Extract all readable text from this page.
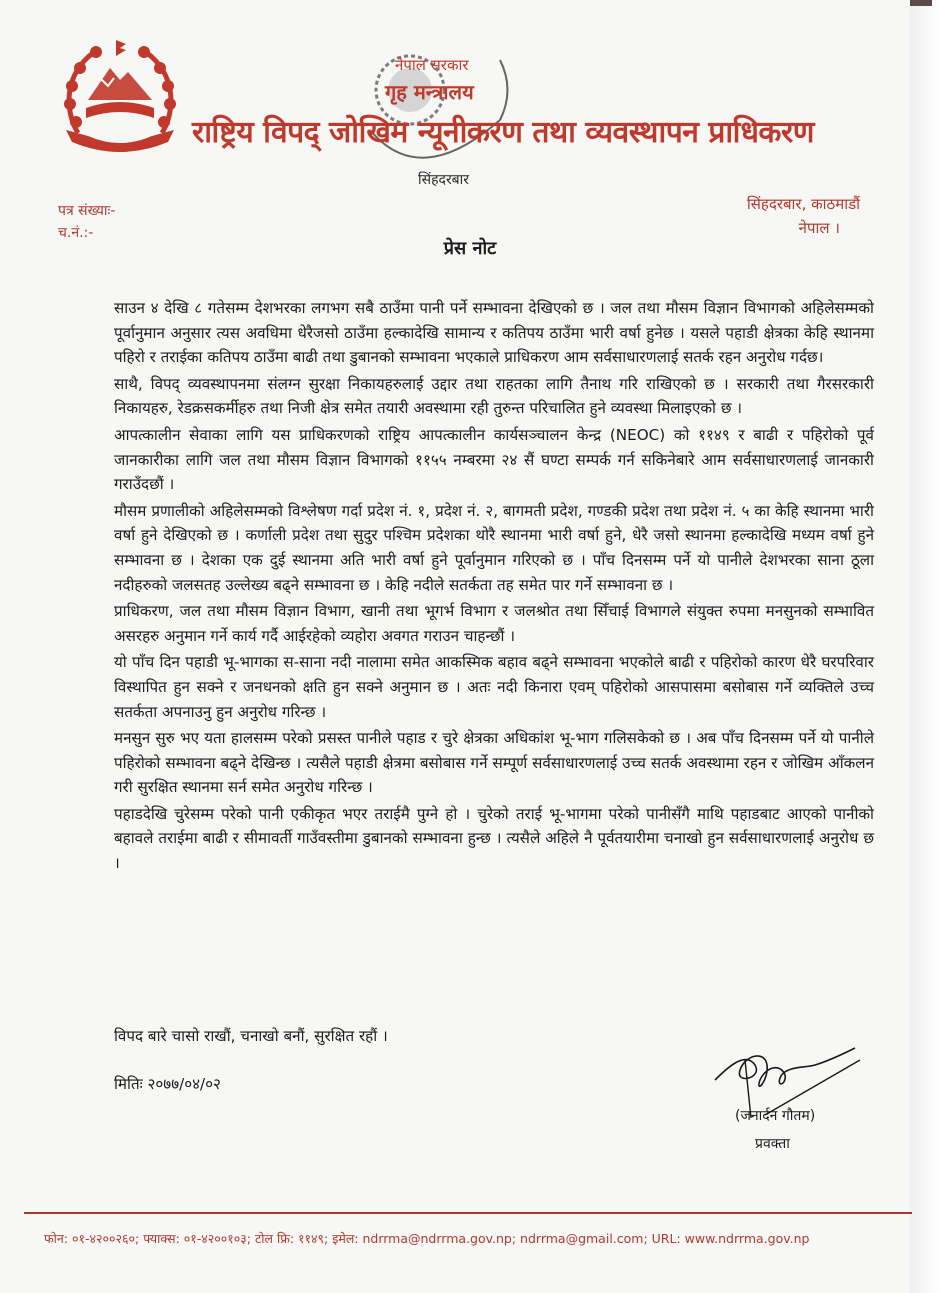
नेपाल सरकार
गृह मन्त्रालय
राष्ट्रिय विपद् जोखिम न्यूनीकरण तथा व्यवस्थापन प्राधिकरण
सिंहदरबार
पत्र संख्याः-
च.नं.:-
सिंहदरबार, काठमाडौं
नेपाल ।
प्रेस नोट

साउन ४ देखि ८ गतेसम्म देशभरका लगभग सबै ठाउँमा पानी पर्ने सम्भावना देखिएको छ । जल तथा मौसम विज्ञान विभागको अहिलेसम्मको पूर्वानुमान अनुसार त्यस अवधिमा धेरैजसो ठाउँमा हल्कादेखि सामान्य र कतिपय ठाउँमा भारी वर्षा हुनेछ । यसले पहाडी क्षेत्रका केहि स्थानमा पहिरो र तराईका कतिपय ठाउँमा बाढी तथा डुबानको सम्भावना भएकाले प्राधिकरण आम सर्वसाधारणलाई सतर्क रहन अनुरोध गर्दछ।

साथै, विपद् व्यवस्थापनमा संलग्न सुरक्षा निकायहरुलाई उद्दार तथा राहतका लागि तैनाथ गरि राखिएको छ । सरकारी तथा गैरसरकारी निकायहरु, रेडक्रसकर्मीहरु तथा निजी क्षेत्र समेत तयारी अवस्थामा रही तुरुन्त परिचालित हुने व्यवस्था मिलाइएको छ ।

आपत्कालीन सेवाका लागि यस प्राधिकरणको राष्ट्रिय आपत्कालीन कार्यसञ्चालन केन्द्र (NEOC) को ११४९ र बाढी र पहिरोको पूर्व जानकारीका लागि जल तथा मौसम विज्ञान विभागको ११५५ नम्बरमा २४ सैं घण्टा सम्पर्क गर्न सकिनेबारे आम सर्वसाधारणलाई जानकारी गराउँदछौं ।

मौसम प्रणालीको अहिलेसम्मको विश्लेषण गर्दा प्रदेश नं. १, प्रदेश नं. २, बागमती प्रदेश, गण्डकी प्रदेश तथा प्रदेश नं. ५ का केहि स्थानमा भारी वर्षा हुने देखिएको छ । कर्णाली प्रदेश तथा सुदुर पश्चिम प्रदेशका थोरै स्थानमा भारी वर्षा हुने, धेरै जसो स्थानमा हल्कादेखि मध्यम वर्षा हुने सम्भावना छ । देशका एक दुई स्थानमा अति भारी वर्षा हुने पूर्वानुमान गरिएको छ । पाँच दिनसम्म पर्ने यो पानीले देशभरका साना ठूला नदीहरुको जलसतह उल्लेख्य बढ्ने सम्भावना छ । केहि नदीले सतर्कता तह समेत पार गर्ने सम्भावना छ ।

प्राधिकरण, जल तथा मौसम विज्ञान विभाग, खानी तथा भूगर्भ विभाग र जलश्रोत तथा सिँचाई विभागले संयुक्त रुपमा मनसुनको सम्भावित असरहरु अनुमान गर्ने कार्य गर्दै आईरहेको व्यहोरा अवगत गराउन चाहन्छौं ।

यो पाँच दिन पहाडी भू-भागका स-साना नदी नालामा समेत आकस्मिक बहाव बढ्ने सम्भावना भएकोले बाढी र पहिरोको कारण धेरै घरपरिवार विस्थापित हुन सक्ने र जनधनको क्षति हुन सक्ने अनुमान छ । अतः नदी किनारा एवम् पहिरोको आसपासमा बसोबास गर्ने व्यक्तिले उच्च सतर्कता अपनाउनु हुन अनुरोध गरिन्छ ।

मनसुन सुरु भए यता हालसम्म परेको प्रसस्त पानीले पहाड र चुरे क्षेत्रका अधिकांश भू-भाग गलिसकेको छ । अब पाँच दिनसम्म पर्ने यो पानीले पहिरोको सम्भावना बढ्ने देखिन्छ । त्यसैले पहाडी क्षेत्रमा बसोबास गर्ने सम्पूर्ण सर्वसाधारणलाई उच्च सतर्क अवस्थामा रहन र जोखिम आँकलन गरी सुरक्षित स्थानमा सर्न समेत अनुरोध गरिन्छ ।

पहाडदेखि चुरेसम्म परेको पानी एकीकृत भएर तराईमै पुग्ने हो । चुरेको तराई भू-भागमा परेको पानीसँगै माथि पहाडबाट आएको पानीको बहावले तराईमा बाढी र सीमावर्ती गाउँवस्तीमा डुबानको सम्भावना हुन्छ । त्यसैले अहिले नै पूर्वतयारीमा चनाखो हुन सर्वसाधारणलाई अनुरोध छ ।

विपद बारे चासो राखौं, चनाखो बनौं, सुरक्षित रहौं ।
मितिः २०७७/०४/०२
(जनार्दन गौतम)
प्रवक्ता
फोन: ०१-४२००२६०; फ्याक्स: ०१-४२००१०३; टोल फ्रि: ११४९; इमेल: ndrrma@ndrrma.gov.np; ndrrma@gmail.com; URL: www.ndrrma.gov.np
